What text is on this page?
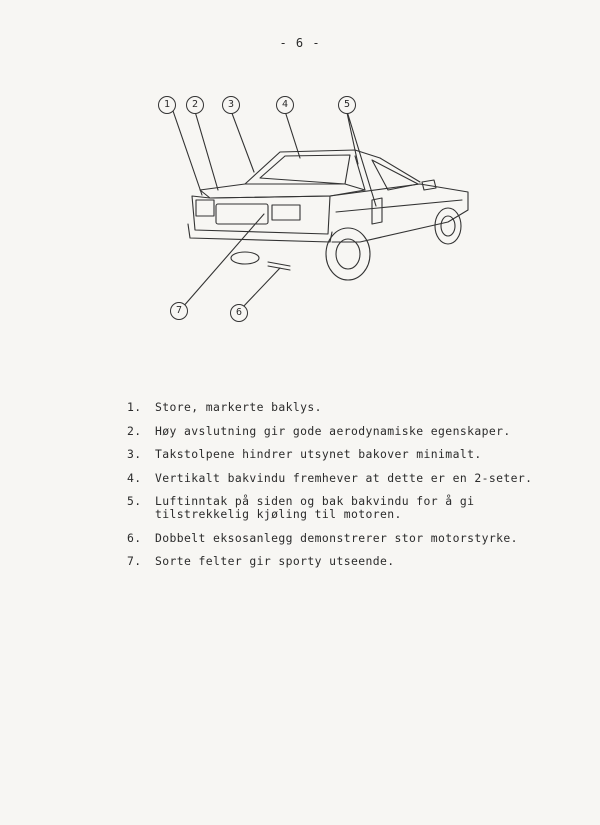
- 6 -
1	2	3	4	5
6
7
1.	Store, markerte baklys.
2.	Høy avslutning gir gode aerodynamiske egenskaper.
3.	Takstolpene hindrer utsynet bakover minimalt.
4.	Vertikalt bakvindu fremhever at dette er en 2-seter.
5.	Luftinntak på siden og bak bakvindu for å gi
tilstrekkelig kjøling til motoren.
6.	Dobbelt eksosanlegg demonstrerer stor motorstyrke.
7.	Sorte felter gir sporty utseende.
